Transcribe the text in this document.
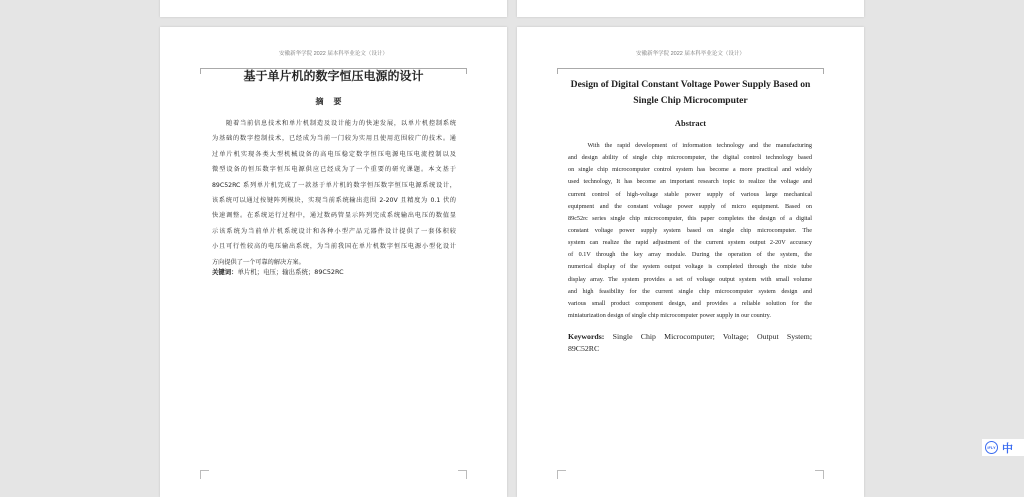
安徽新华学院 2022 届本科毕业论文（设计）
基于单片机的数字恒压电源的设计
摘要
　　随着当前信息技术和单片机制造及设计能力的快速发展，以单片机控制系统
为基础的数字控制技术，已经成为当前一门较为实用且使用范围较广的技术。通
过单片机实现各类大型机械设备的高电压稳定数字恒压电源电压电流控制以及
微型设备的恒压数字恒压电源供应已经成为了一个重要的研究课题。本文基于
89C52RC 系列单片机完成了一款基于单片机的数字恒压数字恒压电源系统设计，
该系统可以通过按键阵列模块，实现当前系统输出范围 2-20V 且精度为 0.1 伏的
快速调整。在系统运行过程中，通过数码管显示阵列完成系统输出电压的数值显
示该系统为当前单片机系统设计和各种小型产品元器件设计提供了一套体积较
小且可行性较高的电压输出系统，为当前我国在单片机数字恒压电源小型化设计
方向提供了一个可靠的解决方案。
关键词：单片机；电压；输出系统；89C52RC
安徽新华学院 2022 届本科毕业论文（设计）
Design of Digital Constant Voltage Power Supply Based on
Single Chip Microcomputer
Abstract
　　With the rapid development of information technology and the manufacturing
and design ability of single chip microcomputer, the digital control technology based
on single chip microcomputer control system has become a more practical and widely
used technology, It has become an important research topic to realize the voltage and
current control of high-voltage stable power supply of various large mechanical
equipment and the constant voltage power supply of micro equipment. Based on
89c52rc series single chip microcomputer, this paper completes the design of a digital
constant voltage power supply system based on single chip microcomputer. The
system can realize the rapid adjustment of the current system output 2-20V accuracy
of 0.1V through the key array module. During the operation of the system, the
numerical display of the system output voltage is completed through the nixie tube
display array. The system provides a set of voltage output system with small volume
and high feasibility for the current single chip microcomputer system design and
various small product component design, and provides a reliable solution for the
miniaturization design of single chip microcomputer power supply in our country.
Keywords: Single Chip Microcomputer; Voltage; Output System;
89C52RC
iFLY 中
